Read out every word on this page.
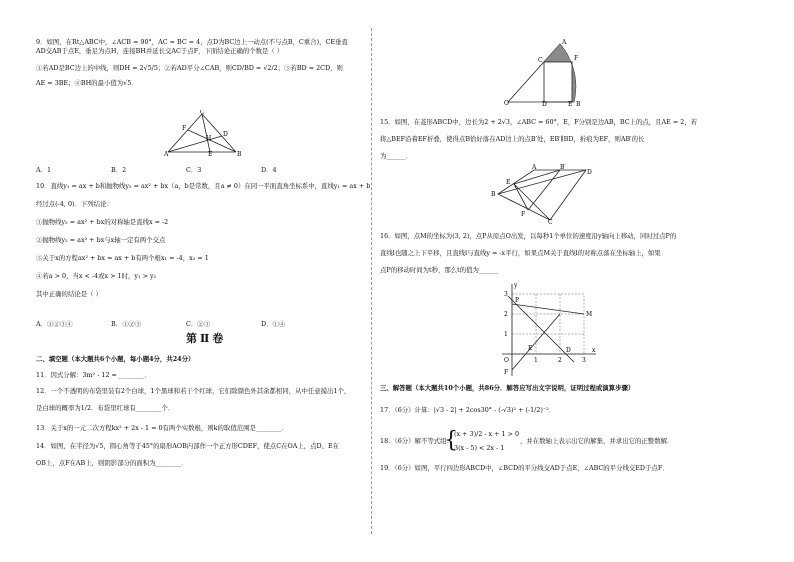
9．如图，在Rt△ABC中，∠ACB = 90°，AC = BC = 4，点D为BC边上一动点(不与点B，C重合)，CE垂直
AD交AB于点E，垂足为点H，连接BH并延长交AC于点F，下面结论正确的个数是（ ）
①若AD是BC边上的中线，则DH = 2√5/5；②若AD平分∠CAB，则CD/BD = √2/2；③若BD = 2CD，则
AE = 3BE；④BH的最小值为√5．
C
F
H
E
D
A	B
A．1	B．2	C．3	D．4
10．直线y₁ = ax + b和抛物线y₂ = ax² + bx（a，b是常数，且a ≠ 0）在同一平面直角坐标系中，直线y₁ = ax + b
经过点(-4, 0)．下列结论：
①抛物线y₂ = ax² + bx的对称轴是直线x = -2
②抛物线y₂ = ax² + bx与x轴一定有两个交点
③关于x的方程ax² + bx = ax + b有两个根x₁ = -4，x₂ = 1
④若a > 0，当x < -4或x > 1时，y₁ > y₂
其中正确的结论是（ ）
A．①②③④	B．①②③	C．②③	D．①④
第Ⅱ卷
二、填空题（本大题共6个小题，每小题4分，共24分）
11．因式分解：3m² - 12 = ________．
12．一个不透明的布袋里装有2个白球，1个黑球和若干个红球，它们除颜色外其余都相同，从中任意摸出1个，
是白球的概率为1/2．布袋里红球有________个．
13．关于x的一元二次方程kx² + 2x - 1 = 0有两个实数根，则k的取值范围是________．
14．如图，在半径为√5，圆心角等于45°的扇形AOB内部作一个正方形CDEF，使点C在OA上，点D、E在
OB上，点F在AB上，则阴影部分的面积为________．
A
C	F
O	D	E B
15．如图，在菱形ABCD中，边长为2 + 2√3，∠ABC = 60°，E，F分别是边AB，BC上的点，且AE = 2，若
将△BEF沿着EF折叠，使得点B恰好落在AD边上的点B′处，EB′∥BD，折痕为EF，则AB′的长
为______．
A	B′
D
E
B
F
C
16．如图，点M的坐标为(3, 2)，点P从原点O出发，以每秒1个单位的速度沿y轴向上移动，同时过点P的
直线l也随之上下平移，且直线l与直线y = -x平行，如果点M关于直线l的对称点落在坐标轴上，如果
点P的移动时间为t秒，那么t的值为______
y
3
2
1
O	1	2	3
x
P
M
E	D
F
三、解答题（本大题共10个小题，共86分．解答应写出文字说明，证明过程或演算步骤）
17．（6分）计算：|√3 - 2| + 2cos30° - (-√3)² + (-1/2)⁻²．
18．（6分）解不等式组：
{
(x + 3)/2 - x + 1 > 0
3(x - 5) < 2x - 1
，并在数轴上表示出它的解集，并求出它的正整数解．
19．（6分）如图，平行四边形ABCD中，∠BCD的平分线交AD于点E，∠ABC的平分线交ED于点F．
